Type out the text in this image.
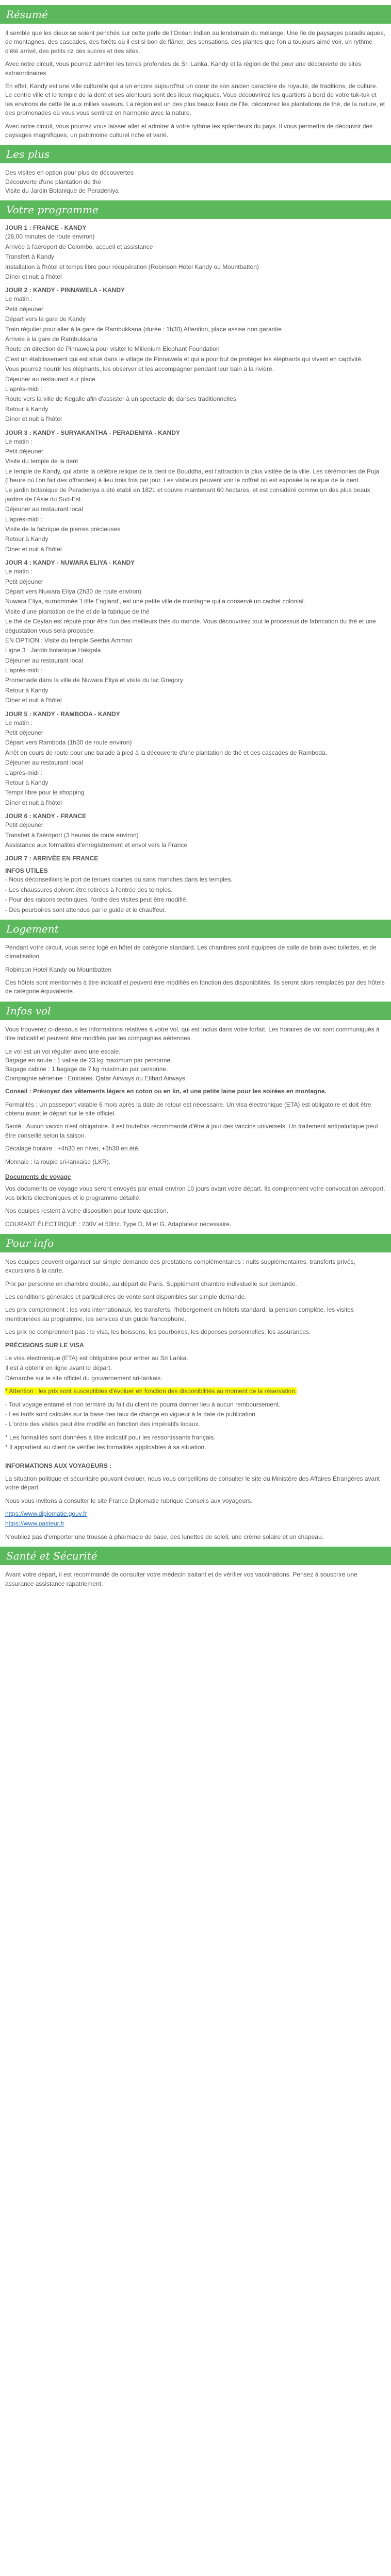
Résumé

Il semble que les dieux se soient penchés sur cette perle de l'Océan Indien au lendemain du mélange. Une île de paysages paradisiaques, de montagnes, des cascades, des forêts où il est si bon de flâner, des sensations, des plantes que l'on a toujours aimé voir, un rythme d'été arrivé, des petits riz des sucres et des sites.

Avec notre circuit, vous pourrez admirer les terres profondes de Sri Lanka, Kandy et la région de thé pour une découverte de sites extraordinaires.

En effet, Kandy est une ville culturelle qui a un encore aujourd'hui un cœur de son ancien caractère de royauté, de traditions, de culture. Le centre ville et le temple de la dent et ses alentours sont des lieux magiques. Vous découvrirez les quartiers à bord de votre tuk-tuk et les environs de cette île aux milles saveurs. La région est un des plus beaux lieux de l'île, découvrez les plantations de thé, de la nature, et des promenades où vous vous sentirez en harmonie avec la nature.

Avec notre circuit, vous pourrez vous laisser aller et admirer à votre rythme les splendeurs du pays. Il vous permettra de découvrir des paysages magnifiques, un patrimoine culturel riche et varié.

Les plus

Des visites en option pour plus de découvertes

Découverte d'une plantation de thé

Visite du Jardin Botanique de Peradeniya

Votre programme
JOUR 1 : FRANCE - KANDY

(26,00 minutes de route environ)

Arrivée à l'aéroport de Colombo, accueil et assistance

Transfert à Kandy

Installation à l'hôtel et temps libre pour récupération (Robinson Hotel Kandy ou Mountbatten)

Dîner et nuit à l'hôtel

JOUR 2 : KANDY - PINNAWELA - KANDY

Le matin :

Petit déjeuner

Départ vers la gare de Kandy

Train régulier pour aller à la gare de Rambukkana (durée : 1h30) Attention, place assise non garantie

Arrivée à la gare de Rambukkana

Route en direction de Pinnawela pour visiter le Millenium Elephant Foundation

C'est un établissement qui est situé dans le village de Pinnawela et qui a pour but de protéger les éléphants qui vivent en captivité.

Vous pourrez nourrir les éléphants, les observer et les accompagner pendant leur bain à la rivière.

Déjeuner au restaurant sur place

L'après-midi :

Route vers la ville de Kegalle afin d'assister à un spectacle de danses traditionnelles

Retour à Kandy

Dîner et nuit à l'hôtel

JOUR 3 : KANDY - SURYAKANTHA - PERADENIYA - KANDY

Le matin :

Petit déjeuner

Visite du temple de la dent

Le temple de Kandy, qui abrite la célèbre relique de la dent de Bouddha, est l'attraction la plus visitée de la ville. Les cérémonies de Puja (l'heure où l'on fait des offrandes) à lieu trois fois par jour. Les visiteurs peuvent voir le coffret où est exposée la relique de la dent.

Le jardin botanique de Peradeniya a été établi en 1821 et couvre maintenant 60 hectares, et est considéré comme un des plus beaux jardins de l'Asie du Sud-Est.

Déjeuner au restaurant local

L'après-midi :

Visite de la fabrique de pierres précieuses

Retour à Kandy

Dîner et nuit à l'hôtel

JOUR 4 : KANDY - NUWARA ELIYA - KANDY

Le matin :

Petit déjeuner

Départ vers Nuwara Eliya (2h30 de route environ)

Nuwara Eliya, surnommée 'Little England', est une petite ville de montagne qui a conservé un cachet colonial.

Visite d'une plantation de thé et de la fabrique de thé

Le thé de Ceylan est réputé pour être l'un des meilleurs thés du monde. Vous découvrirez tout le processus de fabrication du thé et une dégustation vous sera proposée.

EN OPTION : Visite du temple Seetha Amman

Ligne 3 : Jardin botanique Hakgala

Déjeuner au restaurant local

L'après-midi :

Promenade dans la ville de Nuwara Eliya et visite du lac Gregory

Retour à Kandy

Dîner et nuit à l'hôtel

JOUR 5 : KANDY - RAMBODA - KANDY

Le matin :

Petit déjeuner

Départ vers Ramboda (1h30 de route environ)

Arrêt en cours de route pour une balade à pied à la découverte d'une plantation de thé et des cascades de Ramboda.

Déjeuner au restaurant local

L'après-midi :

Retour à Kandy

Temps libre pour le shopping

Dîner et nuit à l'hôtel

JOUR 6 : KANDY - FRANCE

Petit déjeuner

Transfert à l'aéroport (3 heures de route environ)

Assistance aux formalités d'enregistrement et envol vers la France

JOUR 7 : ARRIVÉE EN FRANCE
INFOS UTILES

- Nous déconseillons le port de tenues courtes ou sans manches dans les temples.

- Les chaussures doivent être retirées à l'entrée des temples.

- Pour des raisons techniques, l'ordre des visites peut être modifié.

- Des pourboires sont attendus par le guide et le chauffeur.

Logement

Pendant votre circuit, vous serez logé en hôtel de catégorie standard. Les chambres sont équipées de salle de bain avec toilettes, et de climatisation.

Robinson Hotel Kandy ou Mountbatten

Ces hôtels sont mentionnés à titre indicatif et peuvent être modifiés en fonction des disponibilités. Ils seront alors remplacés par des hôtels de catégorie équivalente.

Infos vol

Vous trouverez ci-dessous les informations relatives à votre vol, qui est inclus dans votre forfait. Les horaires de vol sont communiqués à titre indicatif et peuvent être modifiés par les compagnies aériennes.

Le vol est un vol régulier avec une escale.

Bagage en soute : 1 valise de 23 kg maximum par personne.

Bagage cabine : 1 bagage de 7 kg maximum par personne.

Compagnie aérienne : Emirates, Qatar Airways ou Etihad Airways.

Conseil : Prévoyez des vêtements légers en coton ou en lin, et une petite laine pour les soirées en montagne.

Formalités : Un passeport valable 6 mois après la date de retour est nécessaire. Un visa électronique (ETA) est obligatoire et doit être obtenu avant le départ sur le site officiel.

Santé : Aucun vaccin n'est obligatoire. Il est toutefois recommandé d'être à jour des vaccins universels. Un traitement antipaludique peut être conseillé selon la saison.

Décalage horaire : +4h30 en hiver, +3h30 en été.

Monnaie : la roupie sri-lankaise (LKR).

Documents de voyage

Vos documents de voyage vous seront envoyés par email environ 10 jours avant votre départ. Ils comprennent votre convocation aéroport, vos billets électroniques et le programme détaillé.

Nos équipes restent à votre disposition pour toute question.

COURANT ÉLECTRIQUE : 230V et 50Hz. Type D, M et G. Adaptateur nécessaire.

Pour info

Nos équipes peuvent organiser sur simple demande des prestations complémentaires : nuits supplémentaires, transferts privés, excursions à la carte.

Prix par personne en chambre double, au départ de Paris. Supplément chambre individuelle sur demande.

Les conditions générales et particulières de vente sont disponibles sur simple demande.

Les prix comprennent : les vols internationaux, les transferts, l'hébergement en hôtels standard, la pension complète, les visites mentionnées au programme, les services d'un guide francophone.

Les prix ne comprennent pas : le visa, les boissons, les pourboires, les dépenses personnelles, les assurances.

PRÉCISIONS SUR LE VISA

Le visa électronique (ETA) est obligatoire pour entrer au Sri Lanka.

Il est à obtenir en ligne avant le départ.

Démarche sur le site officiel du gouvernement sri-lankais.

* Attention : les prix sont susceptibles d'évoluer en fonction des disponibilités au moment de la réservation.

- Tout voyage entamé et non terminé du fait du client ne pourra donner lieu à aucun remboursement.

- Les tarifs sont calculés sur la base des taux de change en vigueur à la date de publication.

- L'ordre des visites peut être modifié en fonction des impératifs locaux.

* Les formalités sont données à titre indicatif pour les ressortissants français.

* Il appartient au client de vérifier les formalités applicables à sa situation.

INFORMATIONS AUX VOYAGEURS :

La situation politique et sécuritaire pouvant évoluer, nous vous conseillons de consulter le site du Ministère des Affaires Étrangères avant votre départ.

Nous vous invitons à consulter le site France Diplomatie rubrique Conseils aux voyageurs.

https://www.diplomatie.gouv.fr

https://www.pasteur.fr

N'oubliez pas d'emporter une trousse à pharmacie de base, des lunettes de soleil, une crème solaire et un chapeau.

Santé et Sécurité

Avant votre départ, il est recommandé de consulter votre médecin traitant et de vérifier vos vaccinations. Pensez à souscrire une assurance assistance rapatriement.
